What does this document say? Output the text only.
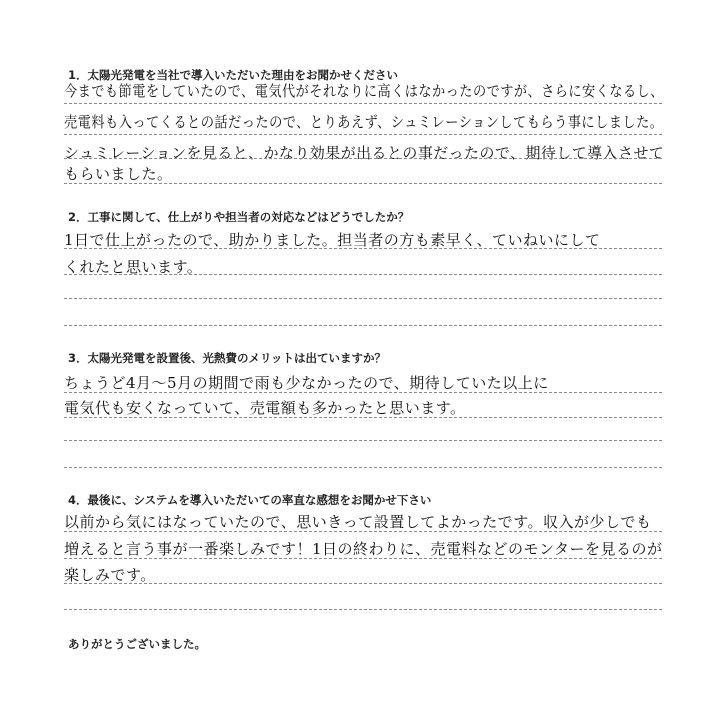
1．太陽光発電を当社で導入いただいた理由をお聞かせください
今までも節電をしていたので、電気代がそれなりに高くはなかったのですが、さらに安くなるし、
売電料も入ってくるとの話だったので、とりあえず、シュミレーションしてもらう事にしました。
シュミレーションを見ると、かなり効果が出るとの事だったので、期待して導入させて
もらいました。
2．工事に関して、仕上がりや担当者の対応などはどうでしたか？
1日で仕上がったので、助かりました。担当者の方も素早く、ていねいにして
くれたと思います。
3．太陽光発電を設置後、光熱費のメリットは出ていますか？
ちょうど4月～5月の期間で雨も少なかったので、期待していた以上に
電気代も安くなっていて、売電額も多かったと思います。
4．最後に、システムを導入いただいての率直な感想をお聞かせ下さい
以前から気にはなっていたので、思いきって設置してよかったです。収入が少しでも
増えると言う事が一番楽しみです！1日の終わりに、売電料などのモンターを見るのが
楽しみです。
ありがとうございました。
